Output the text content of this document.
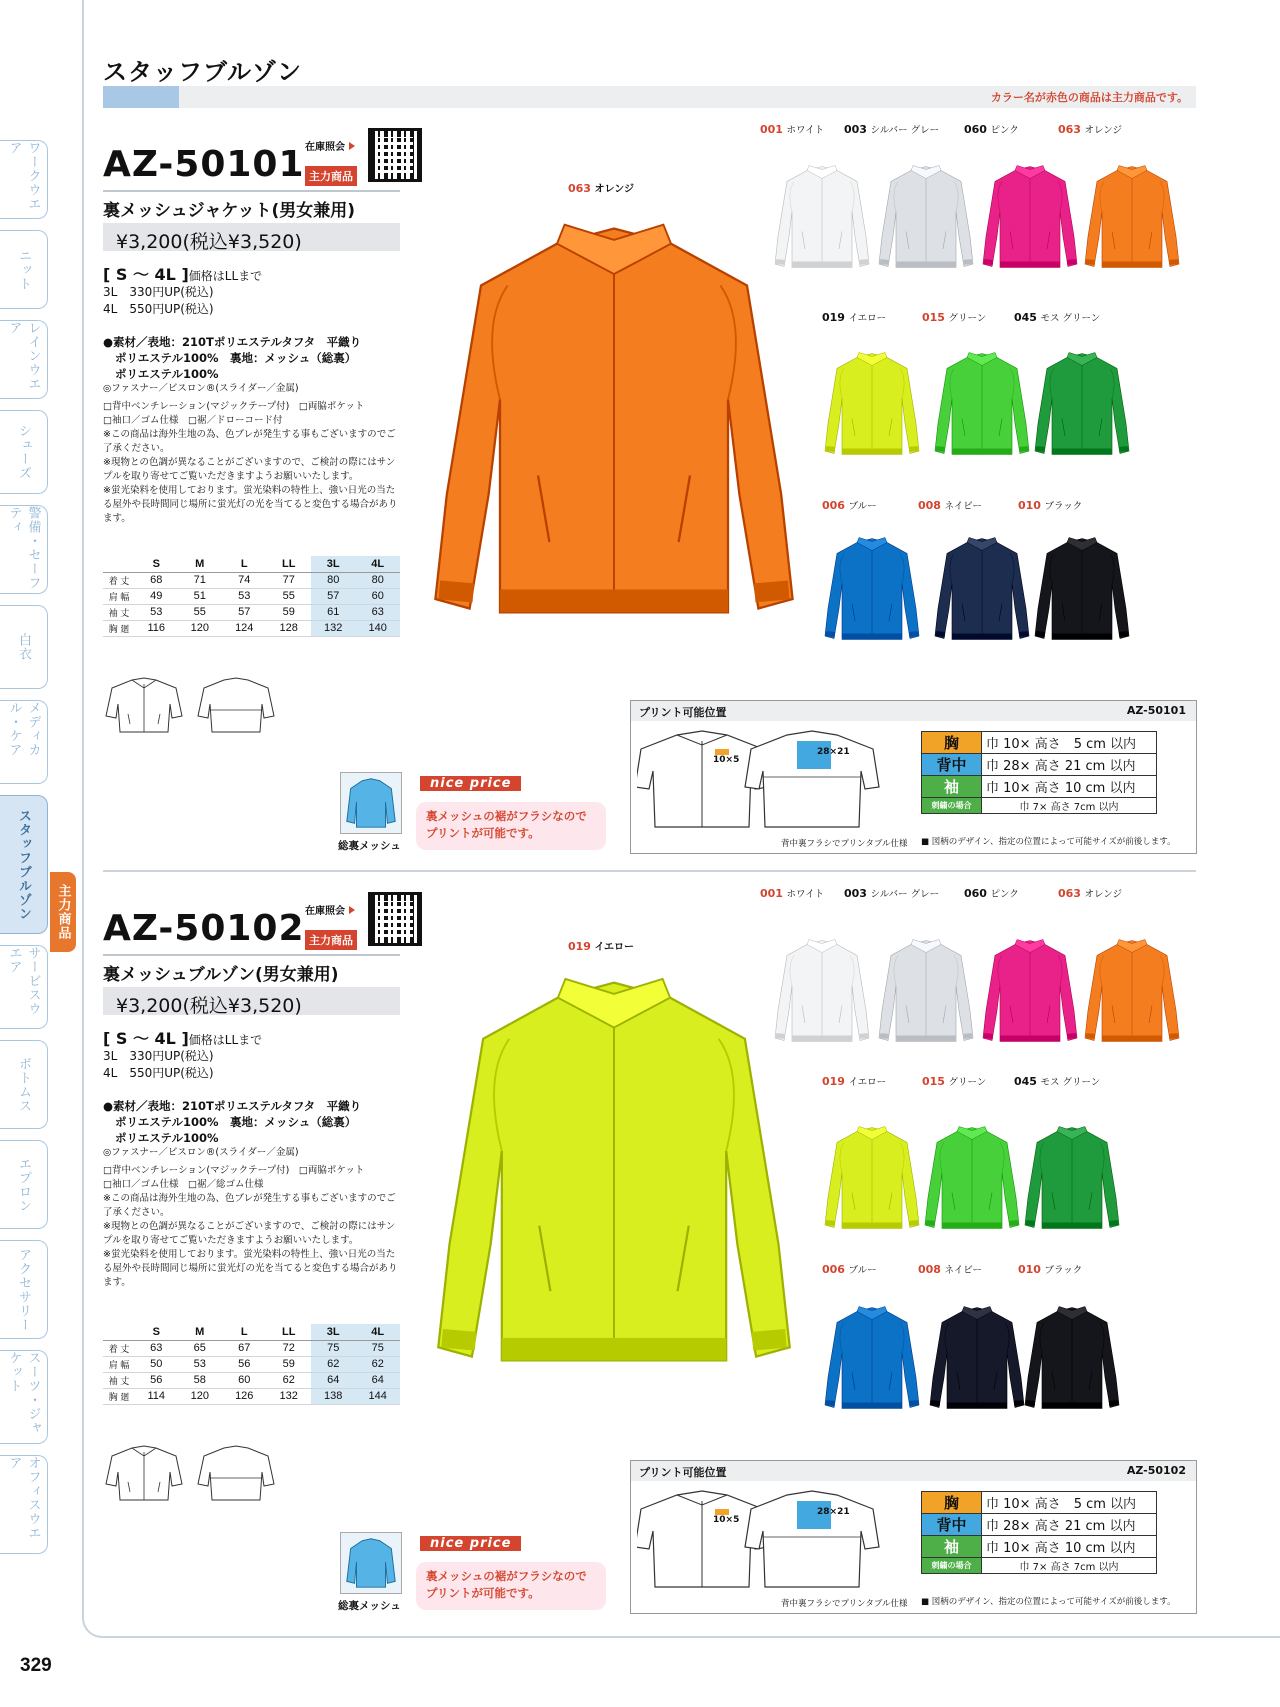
ワークウエア
ニット
レインウエア
シューズ
警備・セーフティ
白衣
メディカル・ケア
スタッフブルゾン
サービスウエア
ボトムス
エプロン
アクセサリー
スーツ・ジャケット
オフィスウエア
主力商品
スタッフブルゾン
カラー名が赤色の商品は主力商品です。
在庫照会
AZ-50101 主力商品
裏メッシュジャケット(男女兼用)
¥3,200(税込¥3,520)
[ S ～ 4L ]価格はLLまで
3L　330円UP(税込)
4L　550円UP(税込)
●素材／表地：210Tポリエステルタフタ　平織り
ポリエステル100%　裏地：メッシュ（総裏）
ポリエステル100%
◎ファスナー／ビスロン®(スライダー／金属)
□背中ベンチレーション(マジックテープ付)　□両脇ポケット
□袖口／ゴム仕様　□裾／ドローコード付
※この商品は海外生地の為、色ブレが発生する事もございますのでご了承ください。
※現物との色調が異なることがございますので、ご検討の際にはサンプルを取り寄せてご覧いただきますようお願いいたします。
※蛍光染料を使用しております。蛍光染料の特性上、強い日光の当たる屋外や長時間同じ場所に蛍光灯の光を当てると変色する場合があります。
	S	M	L	LL	3L	4L
着 丈	68	71	74	77	80	80
肩 幅	49	51	53	55	57	60
袖 丈	53	55	57	59	61	63
胸 廻	116	120	124	128	132	140
063 オレンジ
001 ホワイト 003 シルバー グレー 060 ピンク	063 オレンジ
019 イエロー	015 グリーン	045 モス グリーン
006 ブルー	008 ネイビー	010 ブラック
総裏メッシュ
nice price
裏メッシュの裾がフラシなので
プリントが可能です。
プリント可能位置	AZ-50101
10×5
28×21
背中裏フラシでプリンタブル仕様
胸	巾 10× 高さ　5 cm 以内
背中	巾 28× 高さ 21 cm 以内
袖	巾 10× 高さ 10 cm 以内
刺繍の場合	巾 7× 高さ 7cm 以内
■ 図柄のデザイン、指定の位置によって可能サイズが前後します。
在庫照会
AZ-50102 主力商品
裏メッシュブルゾン(男女兼用)
¥3,200(税込¥3,520)
[ S ～ 4L ]価格はLLまで
3L　330円UP(税込)
4L　550円UP(税込)
●素材／表地：210Tポリエステルタフタ　平織り
ポリエステル100%　裏地：メッシュ（総裏）
ポリエステル100%
◎ファスナー／ビスロン®(スライダー／金属)
□背中ベンチレーション(マジックテープ付)　□両脇ポケット
□袖口／ゴム仕様　□裾／総ゴム仕様
※この商品は海外生地の為、色ブレが発生する事もございますのでご了承ください。
※現物との色調が異なることがございますので、ご検討の際にはサンプルを取り寄せてご覧いただきますようお願いいたします。
※蛍光染料を使用しております。蛍光染料の特性上、強い日光の当たる屋外や長時間同じ場所に蛍光灯の光を当てると変色する場合があります。
	S	M	L	LL	3L	4L
着 丈	63	65	67	72	75	75
肩 幅	50	53	56	59	62	62
袖 丈	56	58	60	62	64	64
胸 廻	114	120	126	132	138	144
019 イエロー
001 ホワイト 003 シルバー グレー 060 ピンク	063 オレンジ
019 イエロー	015 グリーン	045 モス グリーン
006 ブルー	008 ネイビー	010 ブラック
総裏メッシュ
nice price
裏メッシュの裾がフラシなので
プリントが可能です。
プリント可能位置	AZ-50102
10×5
28×21
背中裏フラシでプリンタブル仕様
胸	巾 10× 高さ　5 cm 以内
背中	巾 28× 高さ 21 cm 以内
袖	巾 10× 高さ 10 cm 以内
刺繍の場合	巾 7× 高さ 7cm 以内
■ 図柄のデザイン、指定の位置によって可能サイズが前後します。
329
